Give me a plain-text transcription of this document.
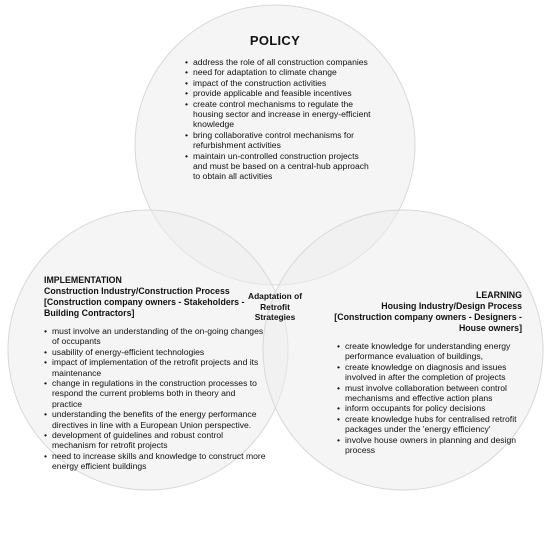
POLICY
• address the role of all construction companies
• need for adaptation to climate change
• impact of the construction activities
• provide applicable and feasible incentives
• create control mechanisms to regulate the housing sector and increase in energy-efficient knowledge
• bring collaborative control mechanisms for refurbishment activities
• maintain un-controlled construction projects and must be based on a central-hub approach to obtain all activities
IMPLEMENTATION
Construction Industry/Construction Process
[Construction company owners - Stakeholders - Building Contractors]
• must involve an understanding of the on-going changes of occupants
• usability of energy-efficient technologies
• impact of implementation of the retrofit projects and its maintenance
• change in regulations in the construction processes to respond the current problems both in theory and practice
• understanding the benefits of the energy performance directives in line with a European Union perspective.
• development of guidelines and robust control mechanism for retrofit projects
• need to increase skills and knowledge to construct more energy efficient buildings
Adaptation of Retrofit Strategies
LEARNING
Housing Industry/Design Process
[Construction company owners - Designers - House owners]
• create knowledge for understanding energy performance evaluation of buildings,
• create knowledge on diagnosis and issues involved in after the completion of projects
• must involve collaboration between control mechanisms and effective action plans
• inform occupants for policy decisions
• create knowledge hubs for centralised retrofit packages under the 'energy efficiency'
• involve house owners in planning and design process
